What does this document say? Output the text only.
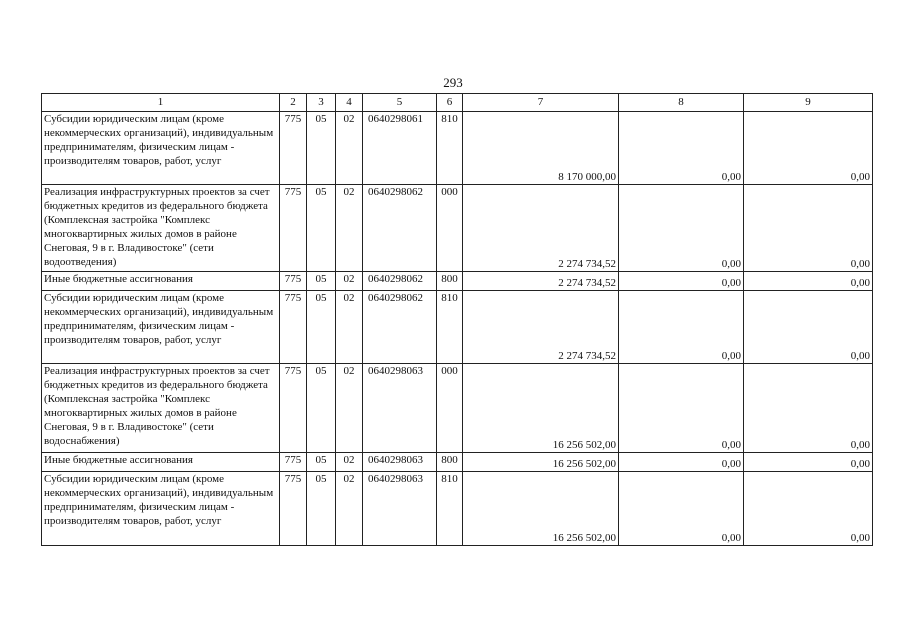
293
1	2	3	4	5	6	7	8	9
Субсидии юридическим лицам (кроме некоммерческих организаций), индивидуальным предпринимателям, физическим лицам - производителям товаров, работ, услуг	775	05	02	0640298061	810	8 170 000,00	0,00	0,00
Реализация инфраструктурных проектов за счет бюджетных кредитов из федерального бюджета (Комплексная застройка "Комплекс многоквартирных жилых домов в районе Снеговая, 9 в г. Владивостоке" (сети водоотведения)	775	05	02	0640298062	000	2 274 734,52	0,00	0,00
Иные бюджетные ассигнования	775	05	02	0640298062	800	2 274 734,52	0,00	0,00
Субсидии юридическим лицам (кроме некоммерческих организаций), индивидуальным предпринимателям, физическим лицам - производителям товаров, работ, услуг	775	05	02	0640298062	810	2 274 734,52	0,00	0,00
Реализация инфраструктурных проектов за счет бюджетных кредитов из федерального бюджета (Комплексная застройка "Комплекс многоквартирных жилых домов в районе Снеговая, 9 в г. Владивостоке" (сети водоснабжения)	775	05	02	0640298063	000	16 256 502,00	0,00	0,00
Иные бюджетные ассигнования	775	05	02	0640298063	800	16 256 502,00	0,00	0,00
Субсидии юридическим лицам (кроме некоммерческих организаций), индивидуальным предпринимателям, физическим лицам - производителям товаров, работ, услуг	775	05	02	0640298063	810	16 256 502,00	0,00	0,00
